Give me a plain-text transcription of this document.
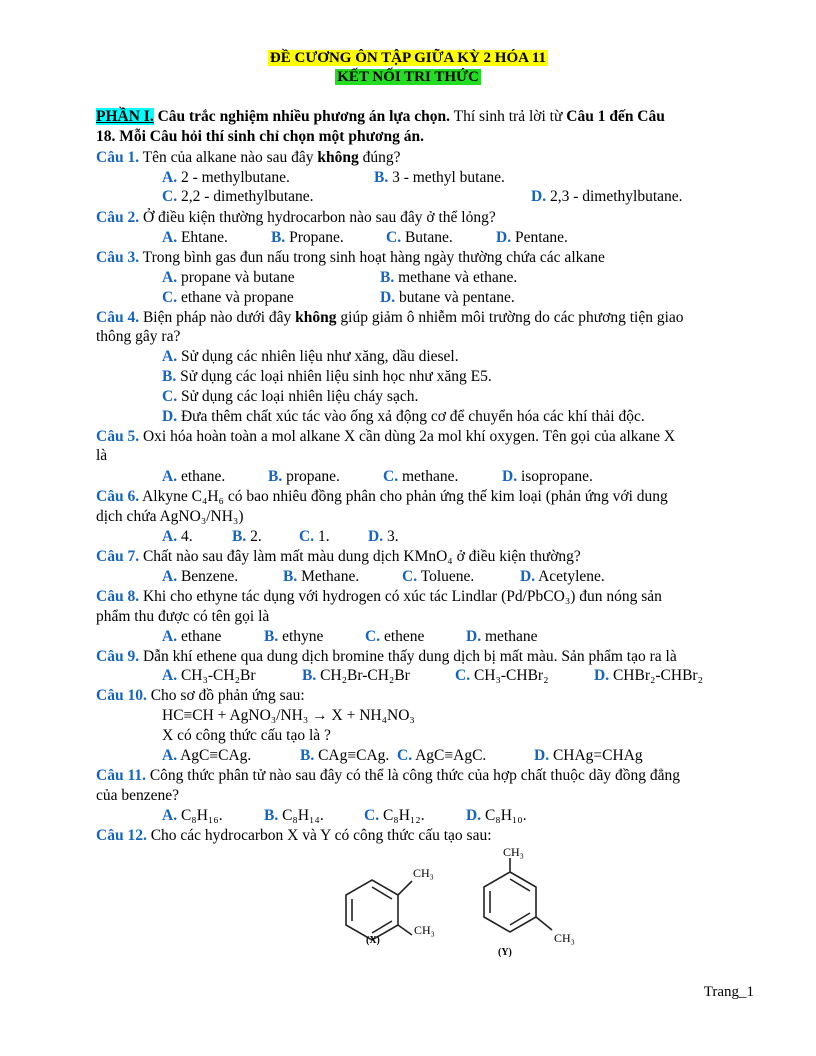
ĐỀ CƯƠNG ÔN TẬP GIỮA KỲ 2 HÓA 11
KẾT NỐI TRI THỨC
PHẦN I. Câu trắc nghiệm nhiều phương án lựa chọn. Thí sinh trả lời từ Câu 1 đến Câu
18. Mỗi Câu hỏi thí sinh chỉ chọn một phương án.
Câu 1. Tên của alkane nào sau đây không đúng?
A. 2 - methylbutane.	B. 3 - methyl butane.
C. 2,2 - dimethylbutane.	D. 2,3 - dimethylbutane.
Câu 2. Ở điều kiện thường hydrocarbon nào sau đây ở thể lỏng?
A. Ehtane.	B. Propane.	C. Butane.	D. Pentane.
Câu 3. Trong bình gas đun nấu trong sinh hoạt hàng ngày thường chứa các alkane
A. propane và butane	B. methane và ethane.
C. ethane và propane	D. butane và pentane.
Câu 4. Biện pháp nào dưới đây không giúp giảm ô nhiễm môi trường do các phương tiện giao
thông gây ra?
A. Sử dụng các nhiên liệu như xăng, dầu diesel.
B. Sử dụng các loại nhiên liệu sinh học như xăng E5.
C. Sử dụng các loại nhiên liệu cháy sạch.
D. Đưa thêm chất xúc tác vào ống xả động cơ để chuyển hóa các khí thải độc.
Câu 5. Oxi hóa hoàn toàn a mol alkane X cần dùng 2a mol khí oxygen. Tên gọi của alkane X
là
A. ethane.	B. propane.	C. methane.	D. isopropane.
Câu 6. Alkyne C₄H₆ có bao nhiêu đồng phân cho phản ứng thế kim loại (phản ứng với dung
dịch chứa AgNO₃/NH₃)
A. 4.	B. 2. C. 1. D. 3.
Câu 7. Chất nào sau đây làm mất màu dung dịch KMnO₄ ở điều kiện thường?
A. Benzene.	B. Methane.	C. Toluene.	D. Acetylene.
Câu 8. Khi cho ethyne tác dụng với hydrogen có xúc tác Lindlar (Pd/PbCO₃) đun nóng sản
phẩm thu được có tên gọi là
A. ethane	B. ethyne	C. ethene	D. methane
Câu 9. Dẫn khí ethene qua dung dịch bromine thấy dung dịch bị mất màu. Sản phẩm tạo ra là
A. CH₃-CH₂Br	B. CH₂Br-CH₂Br	C. CH₃-CHBr₂	D. CHBr₂-CHBr₂
Câu 10. Cho sơ đồ phản ứng sau:
HC≡CH + AgNO₃/NH₃ → X + NH₄NO₃
X có công thức cấu tạo là ?
A. AgC≡CAg.	B. CAg≡CAg. C. AgC≡AgC.	D. CHAg=CHAg
Câu 11. Công thức phân tử nào sau đây có thể là công thức của hợp chất thuộc dãy đồng đẳng
của benzene?
A. C₈H₁₆.	B. C₈H₁₄.	C. C₈H₁₂.	D. C₈H₁₀.
Câu 12. Cho các hydrocarbon X và Y có công thức cấu tạo sau:
CH₃
CH₃
(X)
CH₃
CH₃
(Y)
Trang_1
